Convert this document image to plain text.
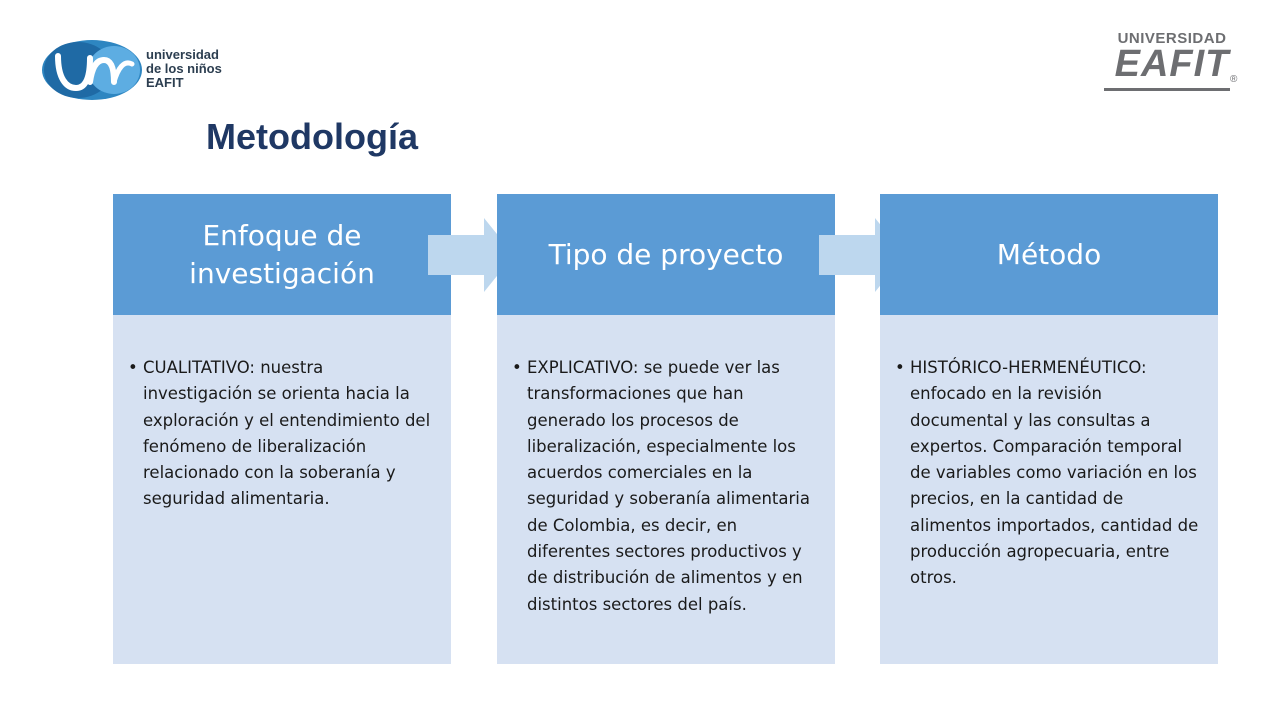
universidad
de los niños
EAFIT
UNIVERSIDAD
EAFIT ®
Metodología
Enfoque de investigación

• CUALITATIVO: nuestra investigación se orienta hacia la exploración y el entendimiento del fenómeno de liberalización relacionado con la soberanía y seguridad alimentaria.

Tipo de proyecto

• EXPLICATIVO: se puede ver las transformaciones que han generado los procesos de liberalización, especialmente los acuerdos comerciales en la seguridad y soberanía alimentaria de Colombia, es decir, en diferentes sectores productivos y de distribución de alimentos y en distintos sectores del país.

Método

• HISTÓRICO-HERMENÉUTICO: enfocado en la revisión documental y las consultas a expertos. Comparación temporal de variables como variación en los precios, en la cantidad de alimentos importados, cantidad de producción agropecuaria, entre otros.
